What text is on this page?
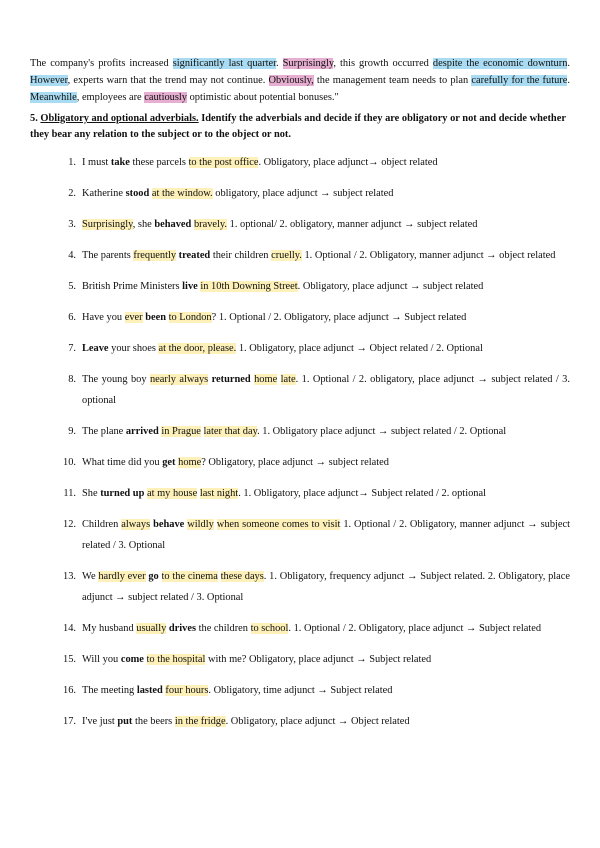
The company's profits increased significantly last quarter. Surprisingly, this growth occurred despite the economic downturn. However, experts warn that the trend may not continue. Obviously, the management team needs to plan carefully for the future. Meanwhile, employees are cautiously optimistic about potential bonuses."

5. Obligatory and optional adverbials. Identify the adverbials and decide if they are obligatory or not and decide whether they bear any relation to the subject or to the object or not.

1. I must take these parcels to the post office. Obligatory, place adjunct→ object related
2. Katherine stood at the window. obligatory, place adjunct → subject related
3. Surprisingly, she behaved bravely. 1. optional/ 2. obligatory, manner adjunct → subject related
4. The parents frequently treated their children cruelly. 1. Optional / 2. Obligatory, manner adjunct → object related
5. British Prime Ministers live in 10th Downing Street. Obligatory, place adjunct → subject related
6. Have you ever been to London? 1. Optional / 2. Obligatory, place adjunct → Subject related
7. Leave your shoes at the door, please. 1. Obligatory, place adjunct → Object related / 2. Optional
8. The young boy nearly always returned home late. 1. Optional / 2. obligatory, place adjunct → subject related / 3. optional
9. The plane arrived in Prague later that day. 1. Obligatory place adjunct → subject related / 2. Optional
10. What time did you get home? Obligatory, place adjunct → subject related
11. She turned up at my house last night. 1. Obligatory, place adjunct→ Subject related / 2. optional
12. Children always behave wildly when someone comes to visit 1. Optional / 2. Obligatory, manner adjunct → subject related / 3. Optional
13. We hardly ever go to the cinema these days. 1. Obligatory, frequency adjunct → Subject related. 2. Obligatory, place adjunct → subject related / 3. Optional
14. My husband usually drives the children to school. 1. Optional / 2. Obligatory, place adjunct → Subject related
15. Will you come to the hospital with me? Obligatory, place adjunct → Subject related
16. The meeting lasted four hours. Obligatory, time adjunct → Subject related
17. I've just put the beers in the fridge. Obligatory, place adjunct → Object related
